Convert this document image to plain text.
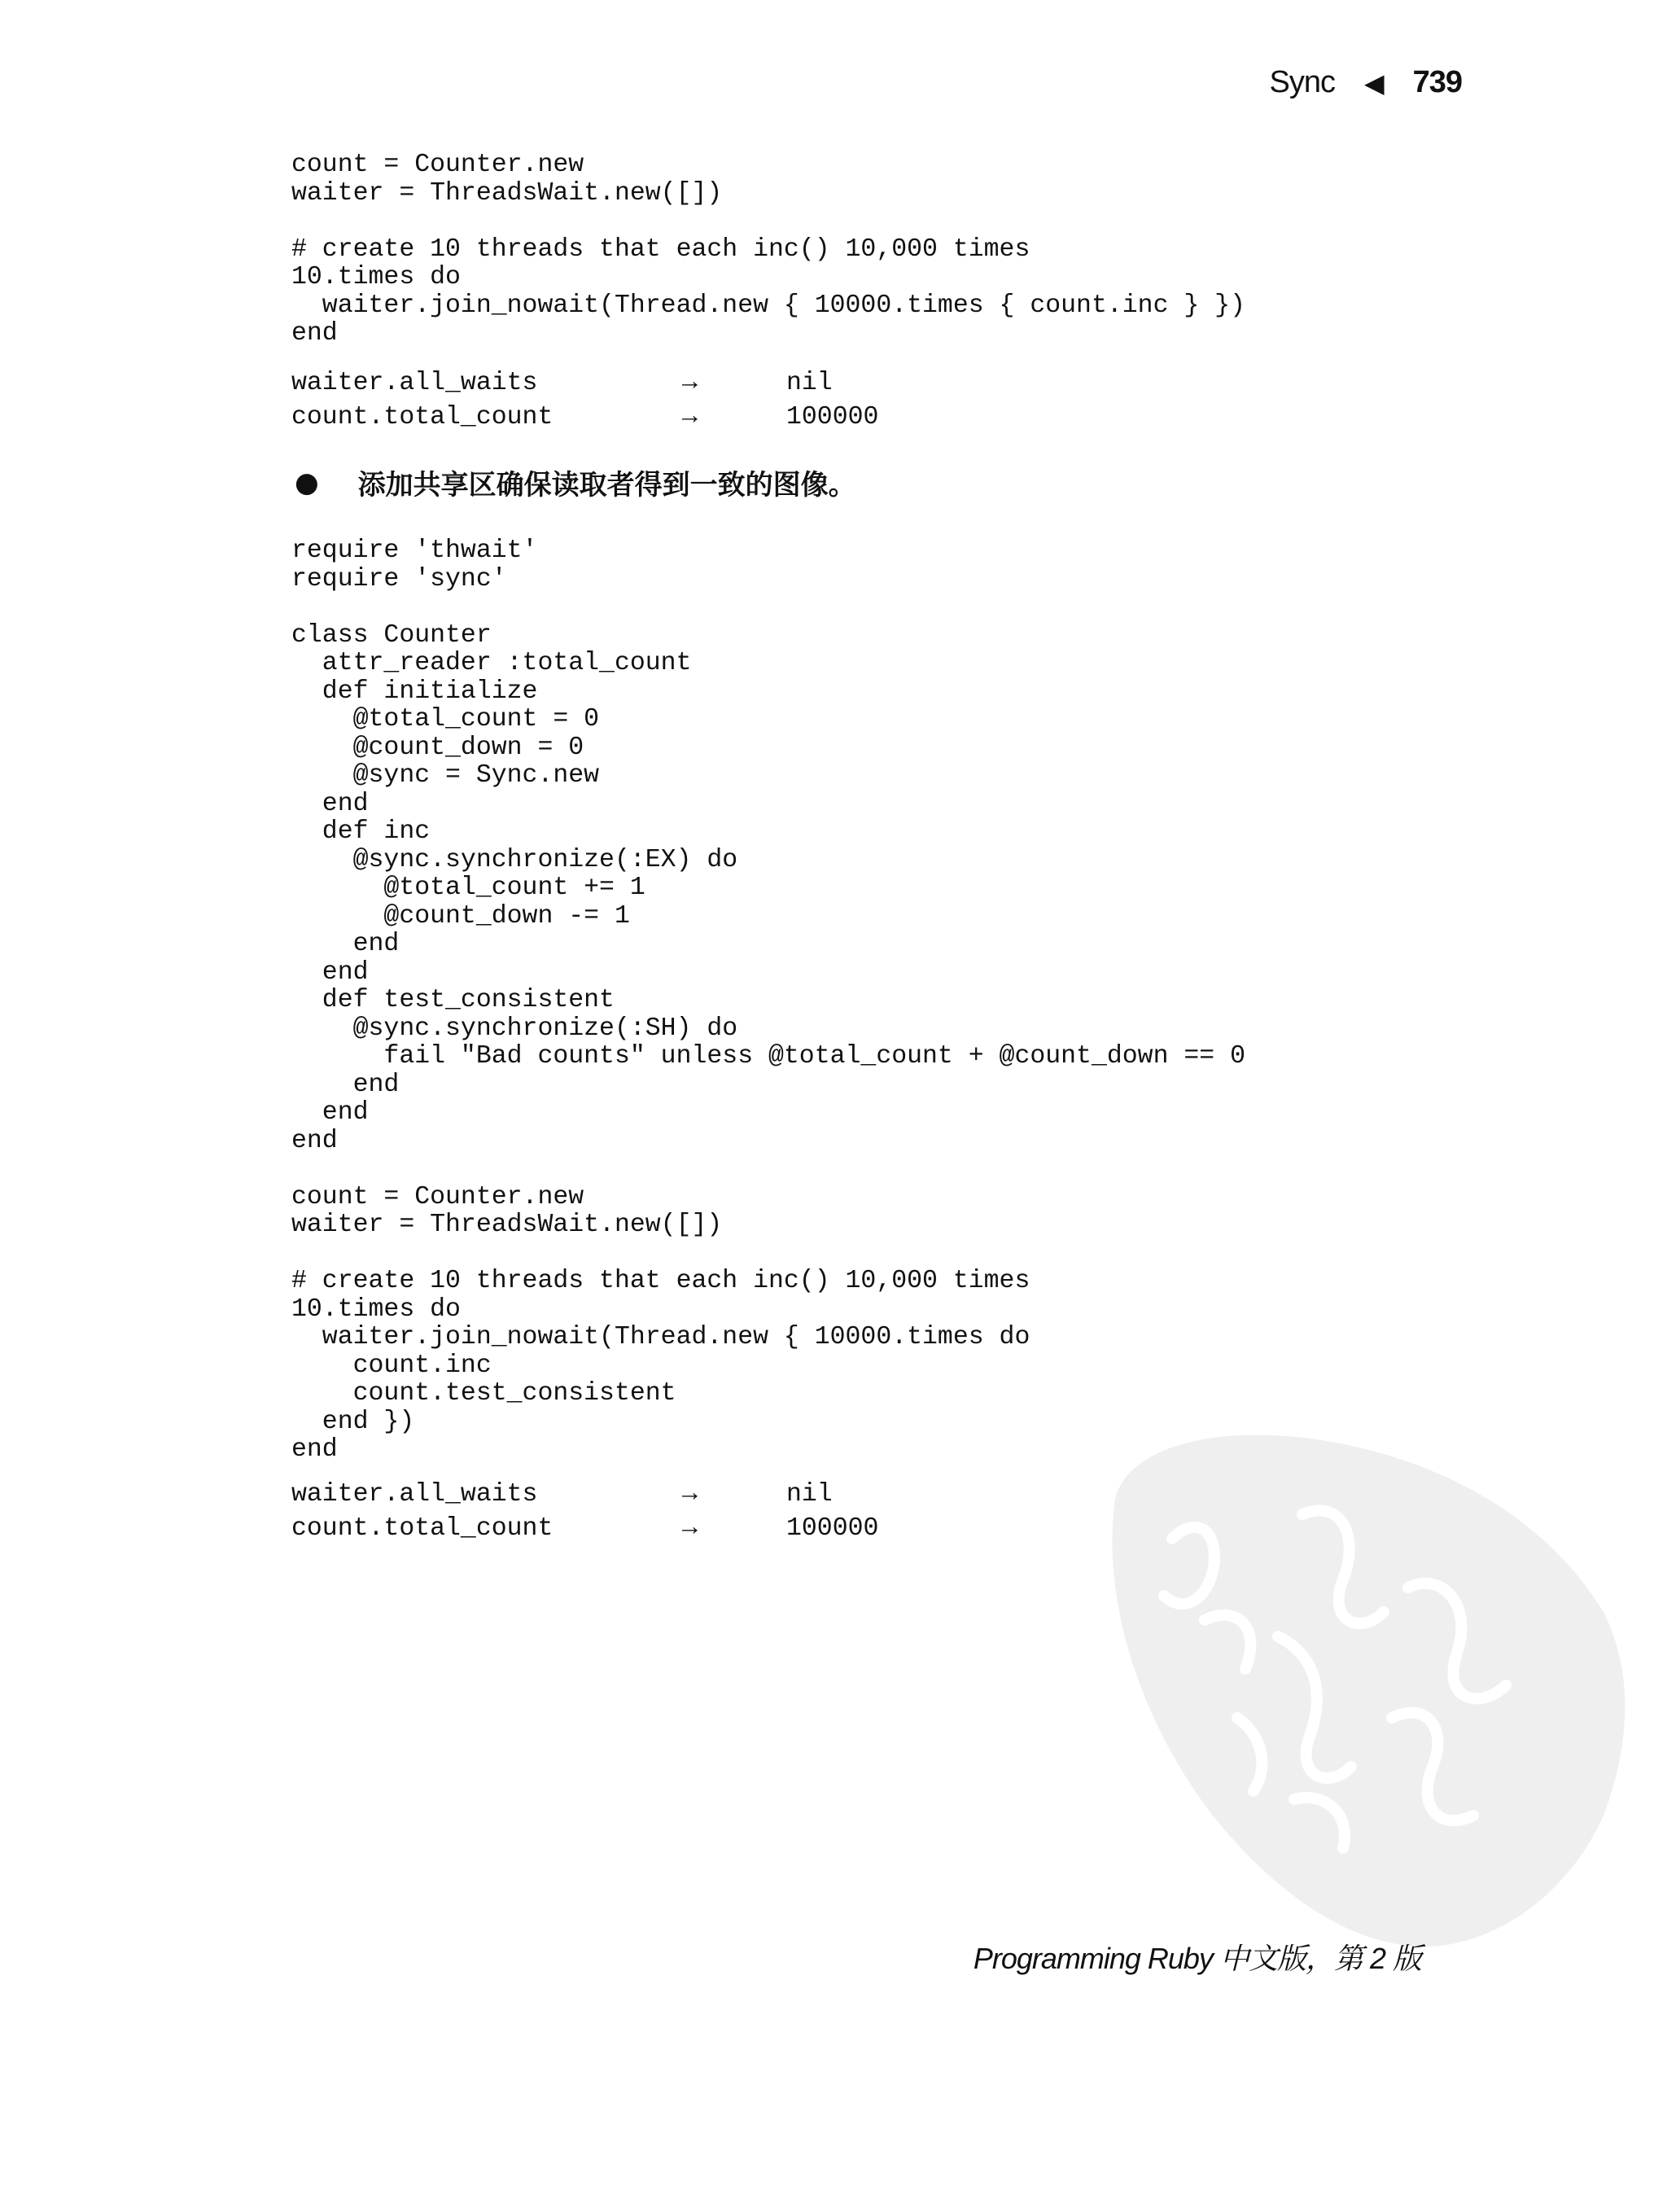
Sync ◀ 739
count = Counter.new
waiter = ThreadsWait.new([])

# create 10 threads that each inc() 10,000 times
10.times do
waiter.join_nowait(Thread.new { 10000.times { count.inc } })
end
waiter.all_waits	→	nil
count.total_count	→	100000
● 添加共享区确保读取者得到一致的图像。
require 'thwait'
require 'sync'

class Counter
attr_reader :total_count
def initialize
@total_count = 0
@count_down = 0
@sync = Sync.new
end
def inc
@sync.synchronize(:EX) do
@total_count += 1
@count_down -= 1
end
end
def test_consistent
@sync.synchronize(:SH) do
fail "Bad counts" unless @total_count + @count_down == 0
end
end
end

count = Counter.new
waiter = ThreadsWait.new([])

# create 10 threads that each inc() 10,000 times
10.times do
waiter.join_nowait(Thread.new { 10000.times do
count.inc
count.test_consistent
end })
end
waiter.all_waits	→	nil
count.total_count	→	100000
Programming Ruby 中文版，第 2 版
